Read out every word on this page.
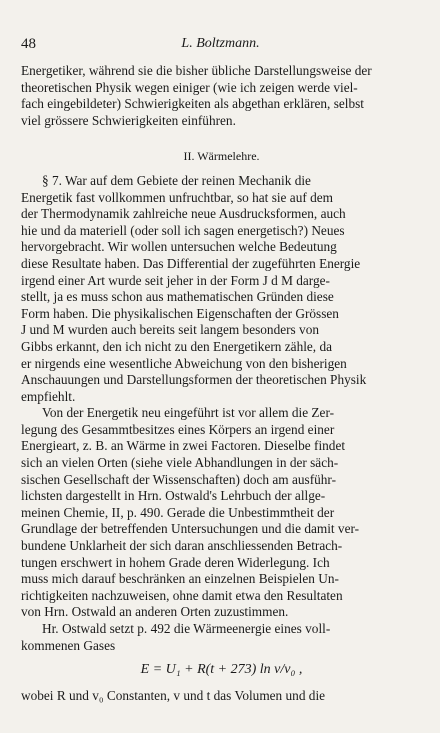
48	L. Boltzmann.

Energetiker, während sie die bisher übliche Darstellungsweise der

theoretischen Physik wegen einiger (wie ich zeigen werde viel-

fach eingebildeter) Schwierigkeiten als abgethan erklären, selbst

viel grössere Schwierigkeiten einführen.

II. Wärmelehre.

§ 7. War auf dem Gebiete der reinen Mechanik die

Energetik fast vollkommen unfruchtbar, so hat sie auf dem

der Thermodynamik zahlreiche neue Ausdrucksformen, auch

hie und da materiell (oder soll ich sagen energetisch?) Neues

hervorgebracht. Wir wollen untersuchen welche Bedeutung

diese Resultate haben. Das Differential der zugeführten Energie

irgend einer Art wurde seit jeher in der Form J d M darge-

stellt, ja es muss schon aus mathematischen Gründen diese

Form haben. Die physikalischen Eigenschaften der Grössen

J und M wurden auch bereits seit langem besonders von

Gibbs erkannt, den ich nicht zu den Energetikern zähle, da

er nirgends eine wesentliche Abweichung von den bisherigen

Anschauungen und Darstellungsformen der theoretischen Physik

empfiehlt.

Von der Energetik neu eingeführt ist vor allem die Zer-

legung des Gesammtbesitzes eines Körpers an irgend einer

Energieart, z. B. an Wärme in zwei Factoren. Dieselbe findet

sich an vielen Orten (siehe viele Abhandlungen in der säch-

sischen Gesellschaft der Wissenschaften) doch am ausführ-

lichsten dargestellt in Hrn. Ostwald's Lehrbuch der allge-

meinen Chemie, II, p. 490. Gerade die Unbestimmtheit der

Grundlage der betreffenden Untersuchungen und die damit ver-

bundene Unklarheit der sich daran anschliessenden Betrach-

tungen erschwert in hohem Grade deren Widerlegung. Ich

muss mich darauf beschränken an einzelnen Beispielen Un-

richtigkeiten nachzuweisen, ohne damit etwa den Resultaten

von Hrn. Ostwald an anderen Orten zuzustimmen.

Hr. Ostwald setzt p. 492 die Wärmeenergie eines voll-

kommenen Gases

E = U₁ + R(t + 273) ln v/v₀ ,

wobei R und v₀ Constanten, v und t das Volumen und die
